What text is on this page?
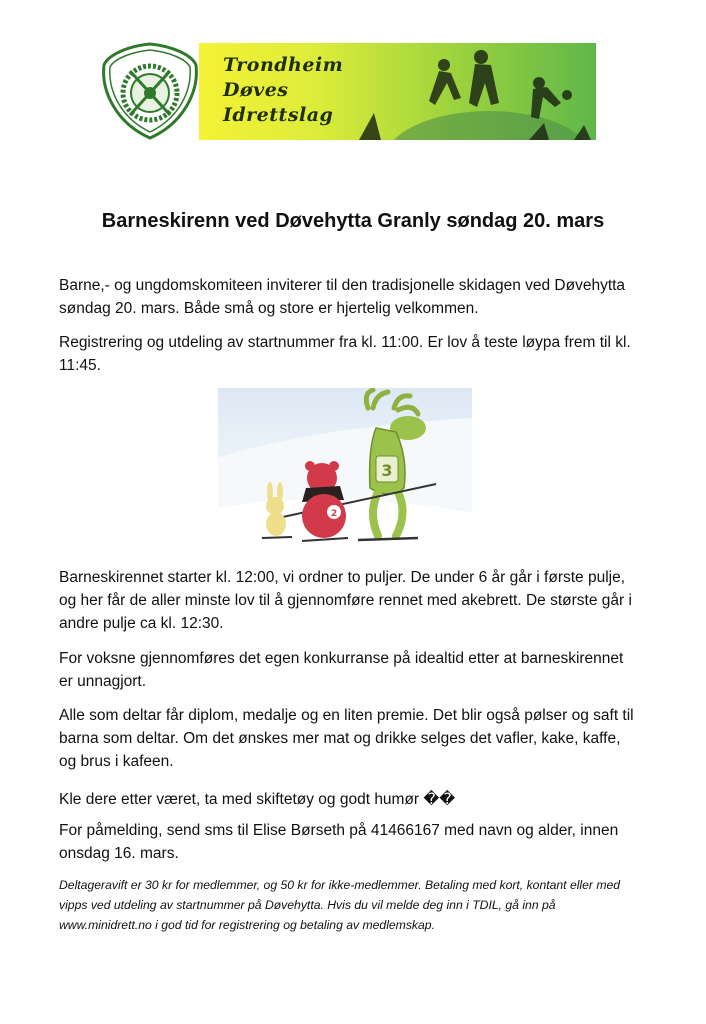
Trondheim
Døves
Idrettslag
Barneskirenn ved Døvehytta Granly søndag 20. mars

Barne,- og ungdomskomiteen inviterer til den tradisjonelle skidagen ved Døvehytta søndag 20. mars. Både små og store er hjertelig velkommen.

Registrering og utdeling av startnummer fra kl. 11:00. Er lov å teste løypa frem til kl. 11:45.

3
2

Barneskirennet starter kl. 12:00, vi ordner to puljer. De under 6 år går i første pulje, og her får de aller minste lov til å gjennomføre rennet med akebrett. De største går i andre pulje ca kl. 12:30.

For voksne gjennomføres det egen konkurranse på idealtid etter at barneskirennet er unnagjort.

Alle som deltar får diplom, medalje og en liten premie. Det blir også pølser og saft til barna som deltar. Om det ønskes mer mat og drikke selges det vafler, kake, kaffe, og brus i kafeen.

Kle dere etter været, ta med skiftetøy og godt humør ��

For påmelding, send sms til Elise Børseth på 41466167 med navn og alder, innen onsdag 16. mars.

Deltageravift er 30 kr for medlemmer, og 50 kr for ikke-medlemmer. Betaling med kort, kontant eller med vipps ved utdeling av startnummer på Døvehytta. Hvis du vil melde deg inn i TDIL, gå inn på www.minidrett.no i god tid for registrering og betaling av medlemskap.
